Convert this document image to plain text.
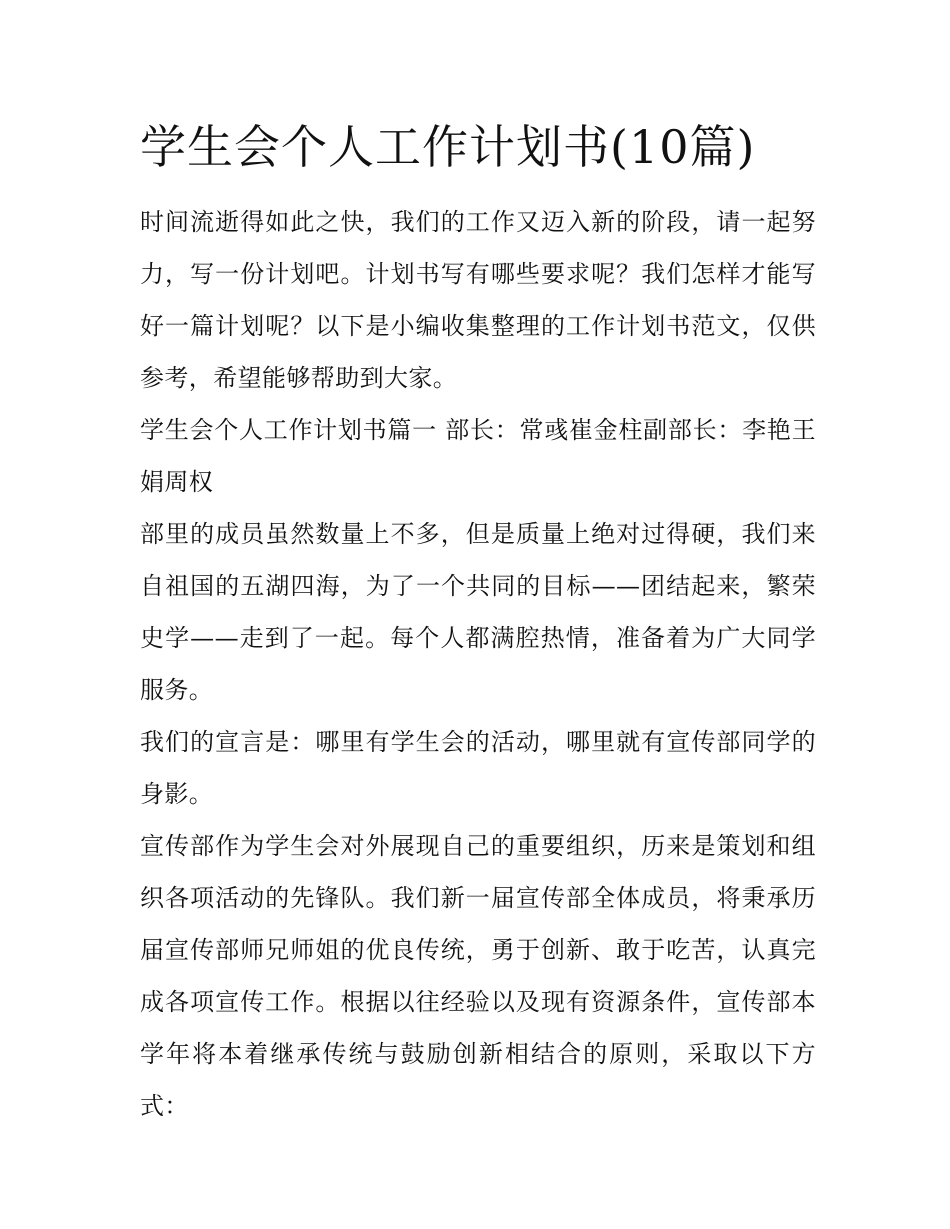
学生会个人工作计划书(10篇)

时间流逝得如此之快，我们的工作又迈入新的阶段，请一起努力，写一份计划吧。计划书写有哪些要求呢？我们怎样才能写好一篇计划呢？以下是小编收集整理的工作计划书范文，仅供参考，希望能够帮助到大家。

学生会个人工作计划书篇一 部长：常彧崔金柱副部长：李艳王娟周权

部里的成员虽然数量上不多，但是质量上绝对过得硬，我们来自祖国的五湖四海，为了一个共同的目标——团结起来，繁荣史学——走到了一起。每个人都满腔热情，准备着为广大同学服务。

我们的宣言是：哪里有学生会的活动，哪里就有宣传部同学的身影。

宣传部作为学生会对外展现自己的重要组织，历来是策划和组织各项活动的先锋队。我们新一届宣传部全体成员，将秉承历届宣传部师兄师姐的优良传统，勇于创新、敢于吃苦，认真完成各项宣传工作。根据以往经验以及现有资源条件，宣传部本学年将本着继承传统与鼓励创新相结合的原则，采取以下方式：
